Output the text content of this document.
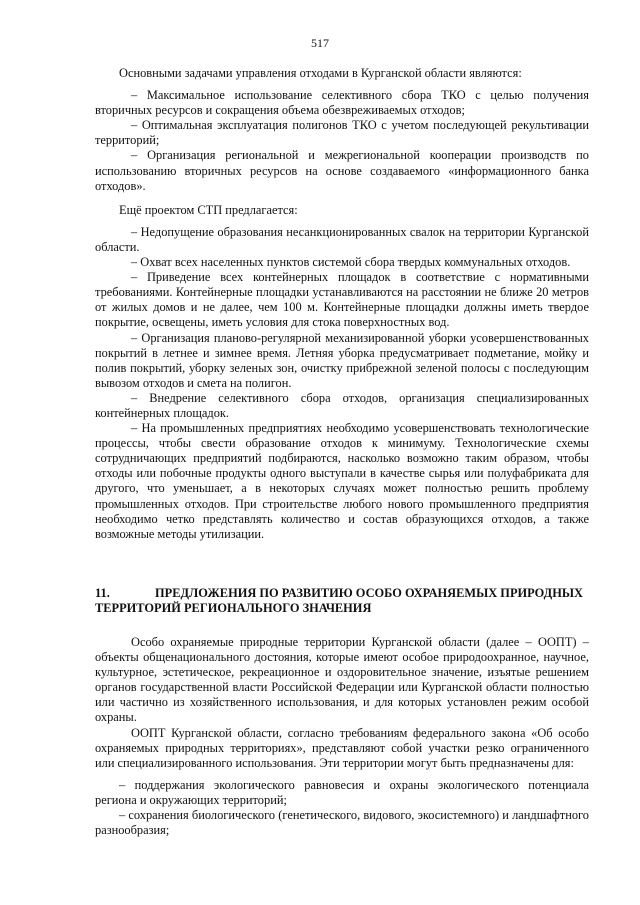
517

Основными задачами управления отходами в Курганской области являются:

– Максимальное использование селективного сбора ТКО с целью получения вторичных ресурсов и сокращения объема обезвреживаемых отходов;

– Оптимальная эксплуатация полигонов ТКО с учетом последующей рекультивации территорий;

– Организация региональной и межрегиональной кооперации производств по использованию вторичных ресурсов на основе создаваемого «информационного банка отходов».

Ещё проектом СТП предлагается:

– Недопущение образования несанкционированных свалок на территории Курганской области.

– Охват всех населенных пунктов системой сбора твердых коммунальных отходов.

– Приведение всех контейнерных площадок в соответствие с нормативными требованиями. Контейнерные площадки устанавливаются на расстоянии не ближе 20 метров от жилых домов и не далее, чем 100 м. Контейнерные площадки должны иметь твердое покрытие, освещены, иметь условия для стока поверхностных вод.

– Организация планово-регулярной механизированной уборки усовершенствованных покрытий в летнее и зимнее время. Летняя уборка предусматривает подметание, мойку и полив покрытий, уборку зеленых зон, очистку прибрежной зеленой полосы с последующим вывозом отходов и смета на полигон.

– Внедрение селективного сбора отходов, организация специализированных контейнерных площадок.

– На промышленных предприятиях необходимо усовершенствовать технологические процессы, чтобы свести образование отходов к минимуму. Технологические схемы сотрудничающих предприятий подбираются, насколько возможно таким образом, чтобы отходы или побочные продукты одного выступали в качестве сырья или полуфабриката для другого, что уменьшает, а в некоторых случаях может полностью решить проблему промышленных отходов. При строительстве любого нового промышленного предприятия необходимо четко представлять количество и состав образующихся отходов, а также возможные методы утилизации.

11.	ПРЕДЛОЖЕНИЯ ПО РАЗВИТИЮ ОСОБО ОХРАНЯЕМЫХ ПРИРОДНЫХ
ТЕРРИТОРИЙ РЕГИОНАЛЬНОГО ЗНАЧЕНИЯ

Особо охраняемые природные территории Курганской области (далее – ООПТ) – объекты общенационального достояния, которые имеют особое природоохранное, научное, культурное, эстетическое, рекреационное и оздоровительное значение, изъятые решением органов государственной власти Российской Федерации или Курганской области полностью или частично из хозяйственного использования, и для которых установлен режим особой охраны.

ООПТ Курганской области, согласно требованиям федерального закона «Об особо охраняемых природных территориях», представляют собой участки резко ограниченного или специализированного использования. Эти территории могут быть предназначены для:

– поддержания экологического равновесия и охраны экологического потенциала региона и окружающих территорий;

– сохранения биологического (генетического, видового, экосистемного) и ландшафтного разнообразия;
